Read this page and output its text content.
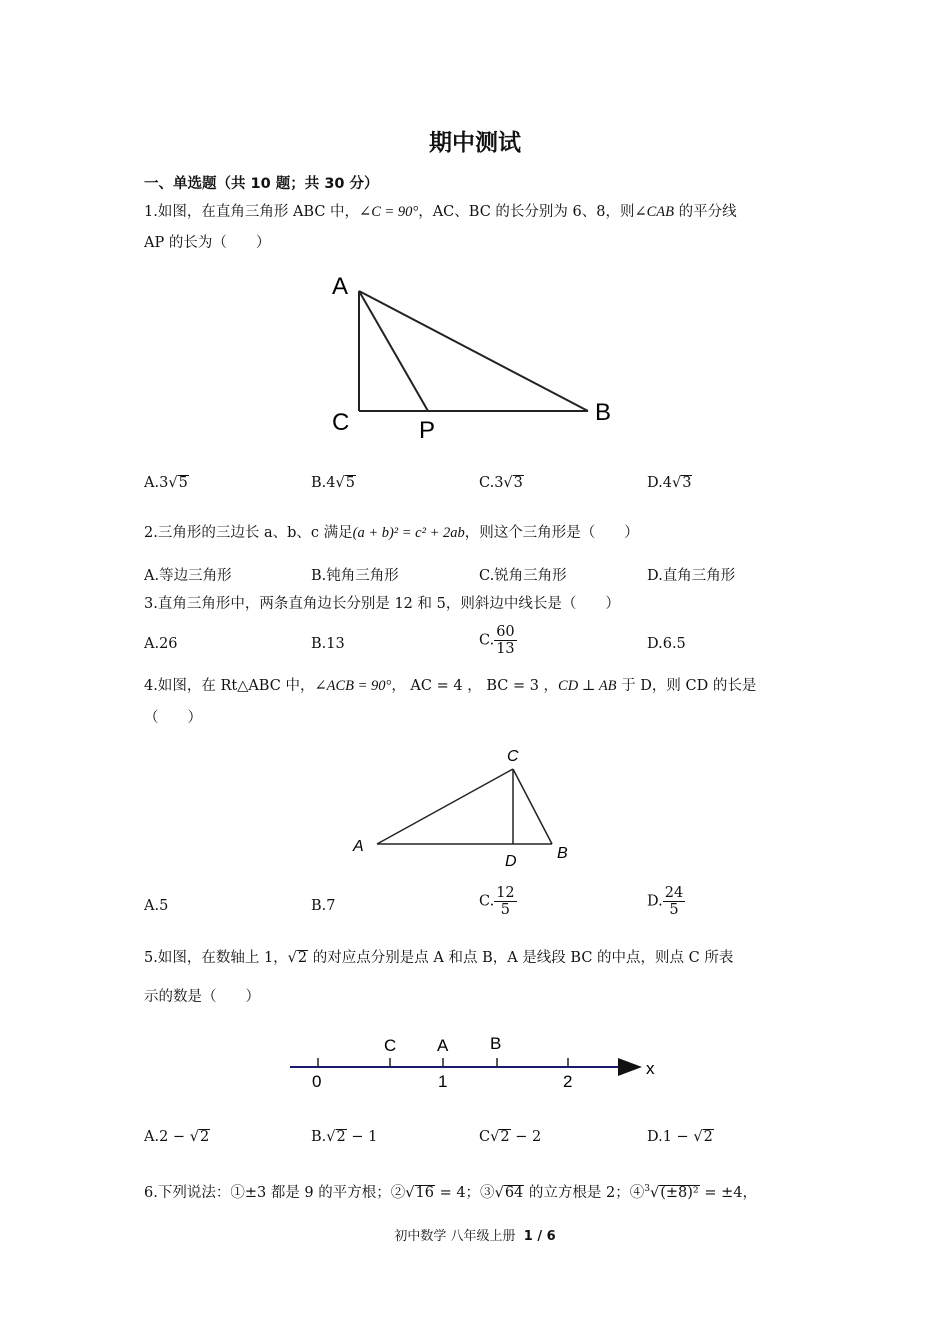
期中测试
一、单选题（共 10 题；共 30 分）
1.如图，在直角三角形 ABC 中，∠C = 90°，AC、BC 的长分别为 6、8，则∠CAB 的平分线
AP 的长为（　　）
A
C	P
B
A.3√5	B.4√5	C.3√3	D.4√3
2.三角形的三边长 a、b、c 满足(a + b)² = c² + 2ab，则这个三角形是（　　）
A.等边三角形	B.钝角三角形	C.锐角三角形	D.直角三角形
3.直角三角形中，两条直角边长分别是 12 和 5，则斜边中线长是（　　）
A.26	B.13	C. $\frac{60}{13}$	D.6.5
4.如图，在 Rt△ABC 中，∠ACB = 90°， AC = 4 ， BC = 3 ，CD ⊥ AB 于 D，则 CD 的长是
（　　）
A
C
D	B
A.5	B.7	C. $\frac{12}{5}$	D. $\frac{24}{5}$
5.如图，在数轴上 1，√2 的对应点分别是点 A 和点 B，A 是线段 BC 的中点，则点 C 所表
示的数是（　　）
C A B
0	1	2
x
A.2 − √2	B.√2 − 1	C√2 − 2	D.1 − √2
6.下列说法：①±3 都是 9 的平方根；②√16 = 4；③√64 的立方根是 2；④$^3$√(±8)² = ±4，
初中数学 八年级上册 1 / 6
